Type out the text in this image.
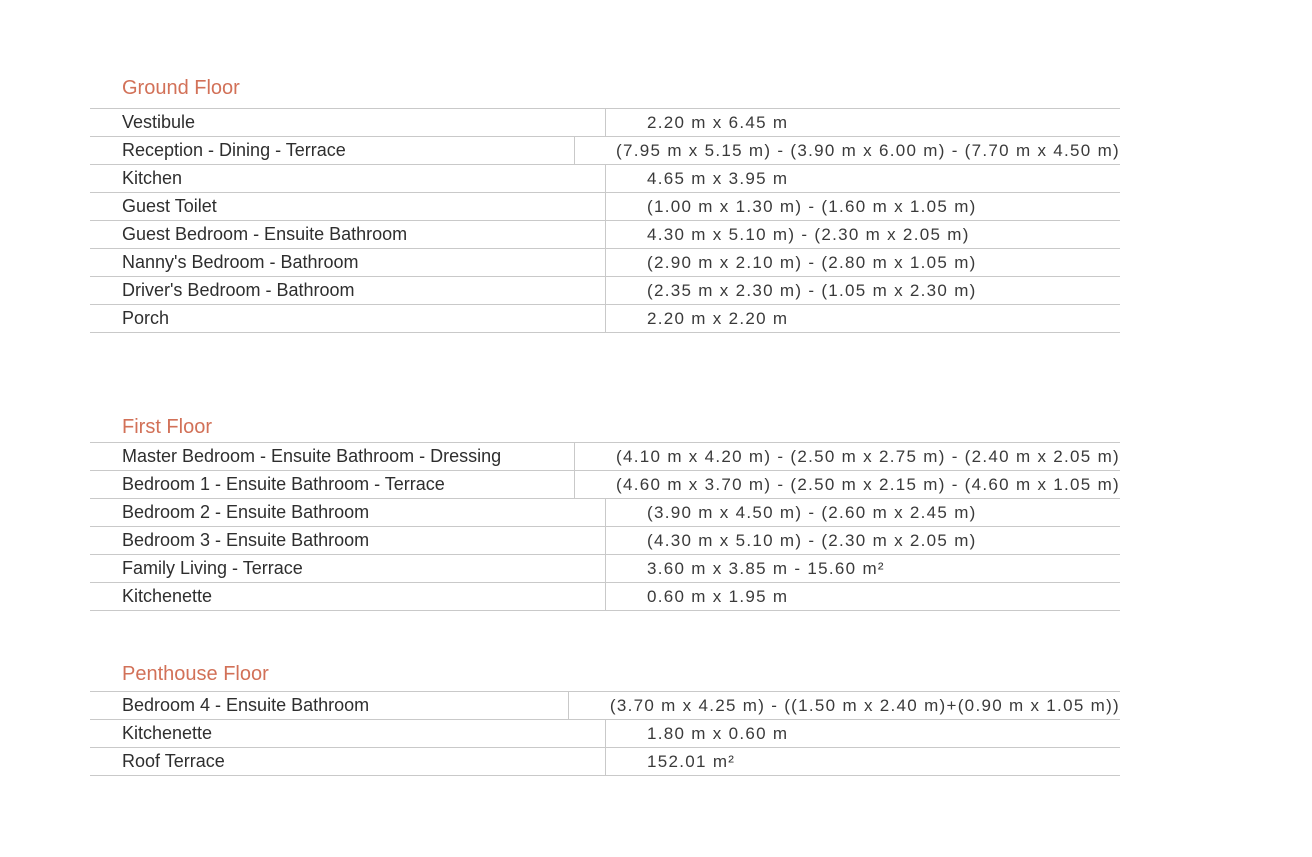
Ground Floor
Vestibule	2.20 m x 6.45 m
Reception - Dining - Terrace	(7.95 m x 5.15 m) - (3.90 m x 6.00 m) - (7.70 m x 4.50 m)
Kitchen	4.65 m x 3.95 m
Guest Toilet	(1.00 m x 1.30 m) - (1.60 m x 1.05 m)
Guest Bedroom - Ensuite Bathroom	4.30 m x 5.10 m) - (2.30 m x 2.05 m)
Nanny's Bedroom - Bathroom	(2.90 m x 2.10 m) - (2.80 m x 1.05 m)
Driver's Bedroom - Bathroom	(2.35 m x 2.30 m) - (1.05 m x 2.30 m)
Porch	2.20 m x 2.20 m
First Floor
Master Bedroom - Ensuite Bathroom - Dressing	(4.10 m x 4.20 m) - (2.50 m x 2.75 m) - (2.40 m x 2.05 m)
Bedroom 1 - Ensuite Bathroom - Terrace	(4.60 m x 3.70 m) - (2.50 m x 2.15 m) - (4.60 m x 1.05 m)
Bedroom 2 - Ensuite Bathroom	(3.90 m x 4.50 m) - (2.60 m x 2.45 m)
Bedroom 3 - Ensuite Bathroom	(4.30 m x 5.10 m) - (2.30 m x 2.05 m)
Family Living - Terrace	3.60 m x 3.85 m - 15.60 m²
Kitchenette	0.60 m x 1.95 m
Penthouse Floor
Bedroom 4 - Ensuite Bathroom	(3.70 m x 4.25 m) - ((1.50 m x 2.40 m)+(0.90 m x 1.05 m))
Kitchenette	1.80 m x 0.60 m
Roof Terrace	152.01 m²
